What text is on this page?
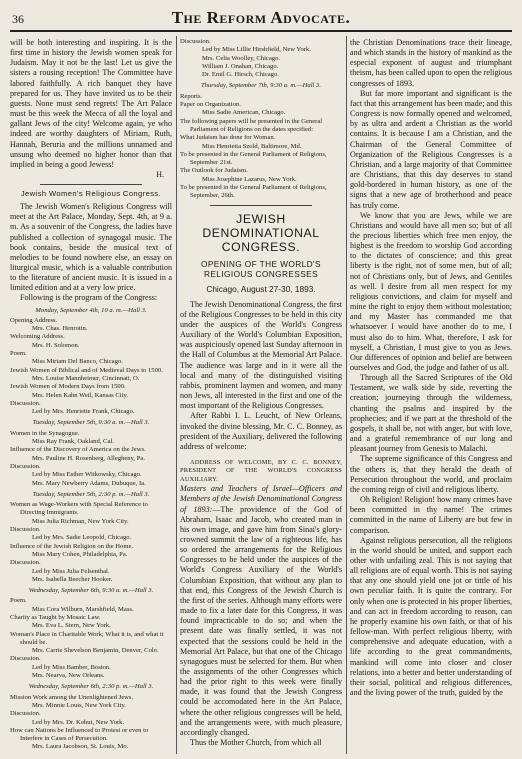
36	The Reform Advocate.

will be both interesting and inspiring. It is the first time in history the Jewish women speak for Judaism. May it not be the last! Let us give the sisters a rousing reception! The Committee have labored faithfully. A rich banquet they have prepared for us. They have invited us to be their guests. None must send regrets! The Art Palace must be this week the Mecca of all the loyal and gallant Jews of the city! Welcome again, ye who indeed are worthy daughters of Miriam, Ruth, Hannah, Beruria and the millions unnamed and unsung who deemed no higher honor than that implied in being a good Jewess!

H.
Jewish Women's Religious Congress.

The Jewish Women's Religious Congress will meet at the Art Palace, Monday, Sept. 4th, at 9 a. m. As a souvenir of the Congress, the ladies have published a collection of synagogal music. The book contains, beside the musical text of melodies to be found nowhere else, an essay on liturgical music, which is a valuable contribution to the literature of ancient music. It is issued in a limited edition and at a very low price.

Following is the program of the Congress:

Monday, September 4th, 10 a. m.—Hall 3.
Opening Address.
Mrs. Chas. Henrotin.
Welcoming Address.
Mrs. H. Solomon.
Poem.
Miss Miriam Del Banco, Chicago.
Jewish Women of Biblical and of Medieval Days to 1500.
Mrs. Louise Mannheimer, Cincinnati, O.
Jewish Women of Modern Days from 1500.
Mrs. Helen Kahn Weil, Kansas City.
Discussion.
Led by Mrs. Henriette Frank, Chicago.
Tuesday, September 5th, 9:30 a. m.—Hall 3.
Women in the Synagogue.
Miss Ray Frank, Oakland, Cal.
Influence of the Discovery of America on the Jews.
Mrs. Pauline H. Rosenberg, Allegheny, Pa.
Discussion.
Led by Miss Esther Witkowsky, Chicago.
Mrs. Mary Newberry Adams, Dubuque, Ia.
Tuesday, September 5th, 2:30 p. m.—Hall 3.
Women as Wage-Workers with Special Reference to Directing Immigrants.
Miss Julia Richman, New York City.
Discussion.
Led by Mrs. Sadie Leopold, Chicago.
Influence of the Jewish Religion on the Home.
Miss Mary Cohen, Philadelphia, Pa.
Discussion.
Led by Miss Julia Felsenthal.
Mrs. Isabella Beecher Hooker.
Wednesday, September 6th, 9:30 a. m.—Hall 3.
Poem.
Miss Cora Wilburn, Marshfield, Mass.
Charity as Taught by Mosaic Law.
Mrs. Eva L. Stern, New York.
Woman's Place in Charitable Work; What it is, and what it should be.
Mrs. Carrie Shevelson Benjamin, Denver, Colo.
Discussion.
Led by Miss Bamber, Boston.
Mrs. Nearva, New Orleans.
Wednesday, September 6th, 2:30 p. m.—Hall 3.
Mission Work among the Unenlightened Jews.
Mrs. Minnie Louis, New York City.
Discussion.
Led by Mrs. Dr. Kohut, New York.
How can Nations be Influenced to Protest or even to Interfere in Cases of Persecution.
Mrs. Laura Jacobson, St. Louis, Mo.
Discussion.
Led by Miss Lillie Hirshfield, New York.
Mrs. Celia Woolley, Chicago.
William J. Onahan, Chicago.
Dr. Emil G. Hirsch, Chicago.
Thursday, September 7th, 9:30 a. m.—Hall 3.
Reports.
Paper on Organization.
Miss Sadie American, Chicago.
The following papers will be presented in the General Parliament of Religions on the dates specified:
What Judaism has done for Woman.
Miss Henrietta Szold, Baltimore, Md.
To be presented in the General Parliament of Religions, September 21st.
The Outlook for Judaism.
Miss Josephine Lazarus, New York.
To be presented in the General Parliament of Religions, September, 26th.
JEWISH DENOMINATIONAL CONGRESS.
OPENING OF THE WORLD'S RELIGIOUS CONGRESSES
Chicago, August 27-30, 1893.

The Jewish Denominational Congress, the first of the Religious Congresses to be held in this city under the auspices of the World's Congress Auxiliary of the World's Columbian Exposition, was auspiciously opened last Sunday afternoon in the Hall of Columbus at the Memorial Art Palace. The audience was large and in it were all the local and many of the distinguished visiting rabbis, prominent laymen and women, and many non Jews, all interested in the first and one of the most important of the Religious Congresses.

After Rabbi I. L. Leucht, of New Orleans, invoked the divine blessing, Mr. C. C. Bonney, as president of the Auxiliary, delivered the following address of welcome:

ADDRESS OF WELCOME, BY C. C. BONNEY, PRESIDENT OF THE WORLD'S CONGRESS AUXILIARY.

Masters and Teachers of Israel—Officers and Members of the Jewish Denominational Congress of 1893:—The providence of the God of Abraham, Isaac and Jacob, who created man in his own image, and gave him from Sinai's glory-crowned summit the law of a righteous life, has so ordered the arrangements for the Religious Congresses to be held under the auspices of the World's Congress Auxiliary of the World's Columbian Exposition, that without any plan to that end, this Congress of the Jewish Church is the first of the series. Although many efforts were made to fix a later date for this Congress, it was found impracticable to do so; and when the present date was finally settled, it was not expected that the sessions could be held in the Memorial Art Palace, but that one of the Chicago synagogues must be selected for them. But when the assignments of the other Congresses which had the prior right to this week were finally made, it was found that the Jewish Congress could be accomodated here in the Art Palace, where the other religious congresses will be held, and the arrangements were, with much pleasure, accordingly changed.

Thus the Mother Church, from which all

the Christian Denominations trace their lineage, and which stands in the history of mankind as the especial exponent of august and triumphant theism, has been called upon to open the religious congresses of 1893.

But far more important and significant is the fact that this arrangement has been made; and this Congress is now formally opened and welcomed, by as ultra and ardent a Christian as the world contains. It is because I am a Christian, and the Chairman of the General Committee of Organization of the Religious Congresses is a Christian, and a large majority of that Committee are Christians, that this day deserves to stand gold-bordered in human history, as one of the signs that a new age of brotherhood and peace has truly come.

We know that you are Jews, while we are Christians and would have all men so; but of all the precious liberties which free men enjoy, the highest is the freedom to worship God according to the dictates of conscience; and this great liberty is the right, not of some men, but of all; not of Christians only, but of Jews, and Gentiles as well. I desire from all men respect for my religious convictions, and claim for myself and mine the right to enjoy them without molestation; and my Master has commanded me that whatsoever I would have another do to me, I must also do to him. What, therefore, I ask for myself, a Christian, I must give to you as Jews. Our differences of opinion and belief are between ourselves and God, the judge and father of us all.

Through all the Sacred Scriptures of the Old Testament, we walk side by side, reverting the creation; journeying through the wilderness, chanting the psalms and inspired by the prophecies; and if we part at the threshold of the gospels, it shall be, not with anger, but with love, and a grateful remembrance of our long and pleasant journey from Genesis to Malachi.

The supreme significance of this Congress and the others is, that they herald the death of Persecution throughout the world, and proclaim the coming reign of civil and religious liberty.

Oh Religion! Religion! how many crimes have been committed in thy name! The crimes committed in the name of Liberty are but few in comparison.

Against religious persecution, all the religions in the world should be united, and support each other with unfailing zeal. This is not saying that all religions are of equal worth. This is not saying that any one should yield one jot or tittle of his own peculiar faith. It is quite the contrary. For only when one is protected in his proper liberties, and can act in freedom according to reason, can he properly examine his own faith, or that of his fellow-man. With perfect religious liberty, with comprehensive and adequate education, with a life according to the great commandments, mankind will come into closer and closer relations, into a better and better understanding of their social, political and religious differences, and the living power of the truth, guided by the
